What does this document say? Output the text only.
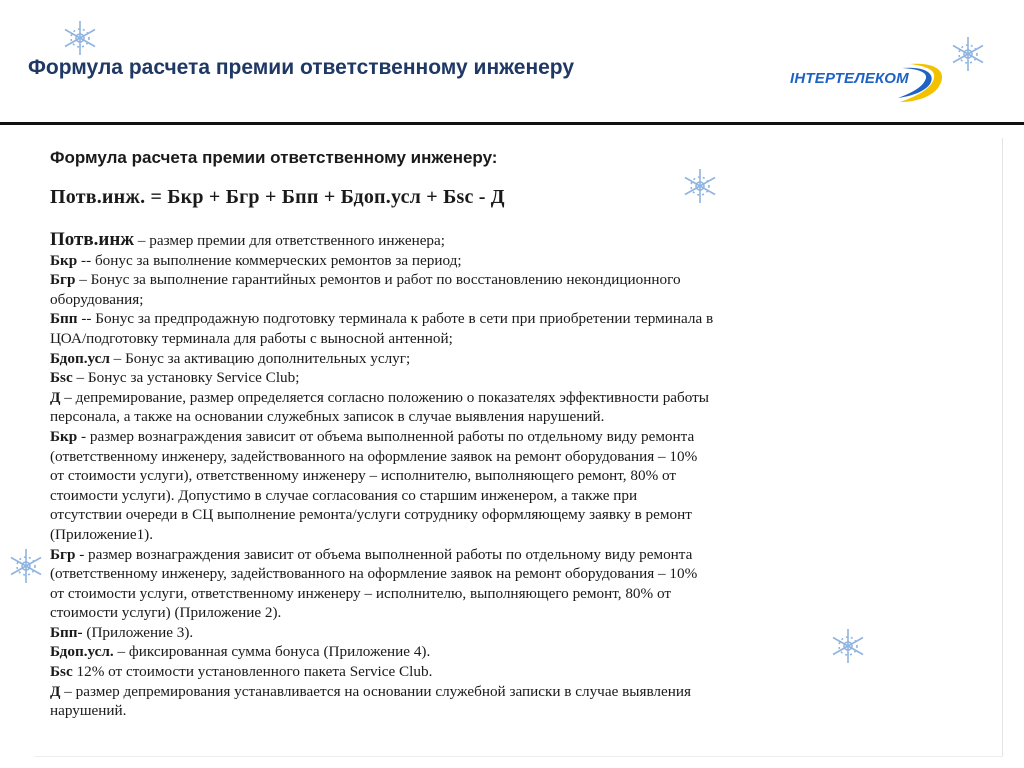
Формула расчета премии ответственному инженеру	ІНТЕРТЕЛЕКОМ

Формула расчета премии ответственному инженеру:

Потв.инж. = Бкр + Бгр + Бпп + Бдоп.усл + Бsc - Д

Потв.инж – размер премии для ответственного инженера;

Бкр -- бонус за выполнение коммерческих ремонтов за период;

Бгр – Бонус за выполнение гарантийных ремонтов и работ по восстановлению некондиционного

оборудования;

Бпп -- Бонус за предпродажную подготовку терминала к работе в сети при приобретении терминала в

ЦОА/подготовку терминала для работы с выносной антенной;

Бдоп.усл – Бонус за активацию дополнительных услуг;

Бsc – Бонус за установку Service Club;

Д – депремирование, размер определяется согласно положению о показателях эффективности работы

персонала, а также на основании служебных записок в случае выявления нарушений.

Бкр - размер вознаграждения зависит от объема выполненной работы по отдельному виду ремонта

(ответственному инженеру, задействованного на оформление заявок на ремонт оборудования – 10%

от стоимости услуги), ответственному инженеру – исполнителю, выполняющего ремонт, 80% от

стоимости услуги). Допустимо в случае согласования со старшим инженером, а также при

отсутствии очереди в СЦ выполнение ремонта/услуги сотруднику оформляющему заявку в ремонт

(Приложение1).

Бгр - размер вознаграждения зависит от объема выполненной работы по отдельному виду ремонта

(ответственному инженеру, задействованного на оформление заявок на ремонт оборудования – 10%

от стоимости услуги, ответственному инженеру – исполнителю, выполняющего ремонт, 80% от

стоимости услуги) (Приложение 2).

Бпп- (Приложение 3).

Бдоп.усл. – фиксированная сумма бонуса (Приложение 4).

Бsc 12% от стоимости установленного пакета Service Club.

Д – размер депремирования устанавливается на основании служебной записки в случае выявления

нарушений.
